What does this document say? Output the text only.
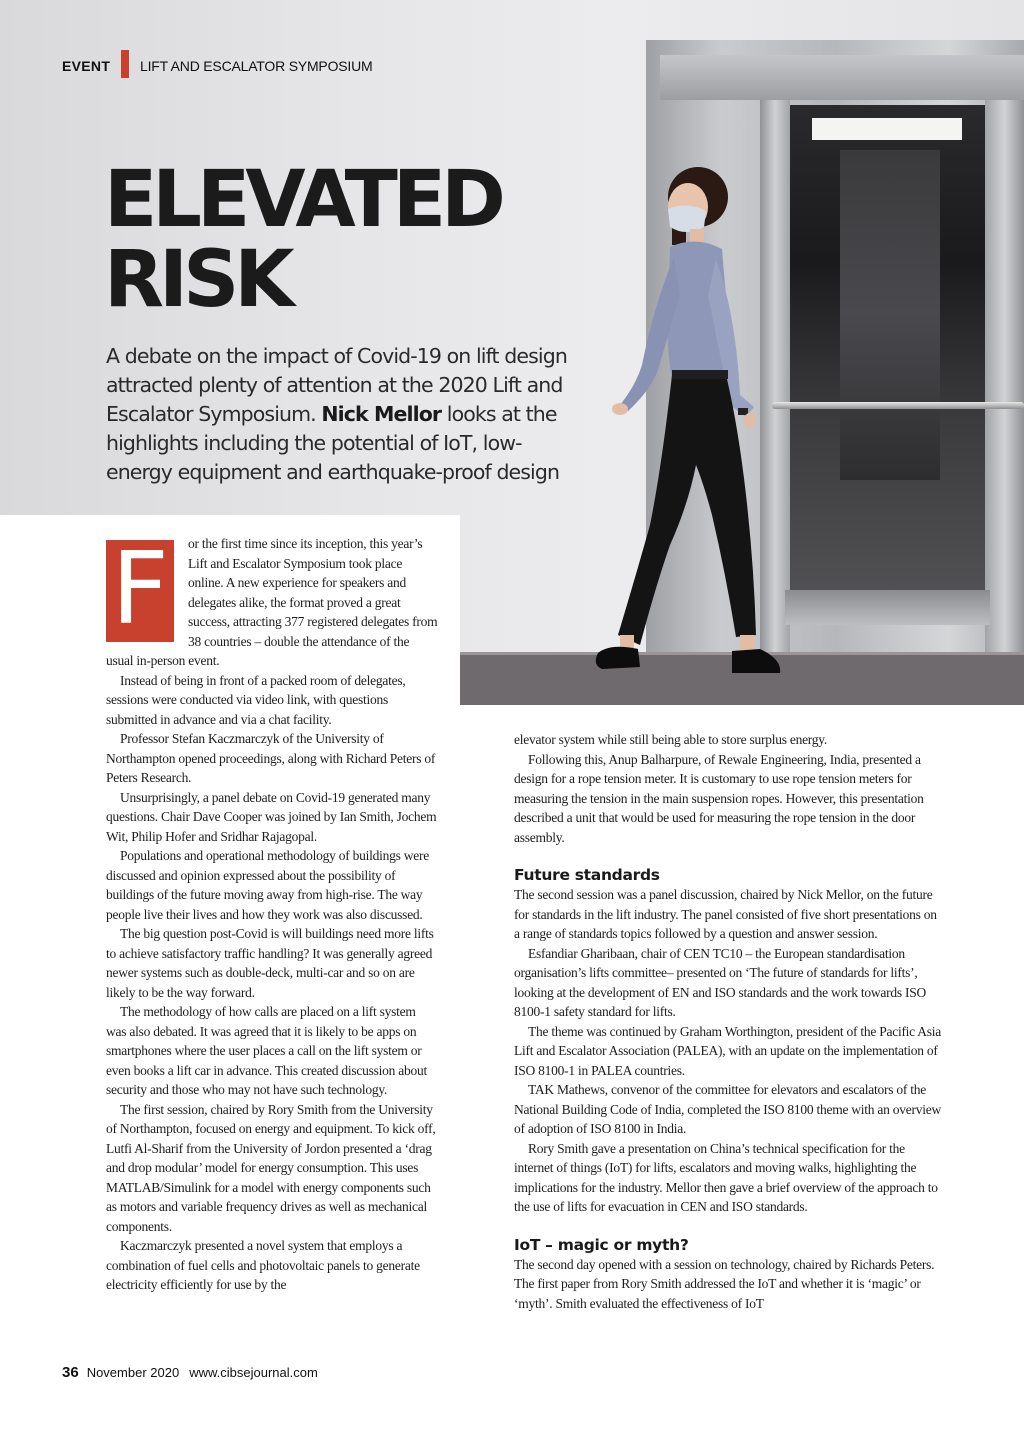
EVENT LIFT AND ESCALATOR SYMPOSIUM
ELEVATED
RISK
A debate on the impact of Covid-19 on lift design attracted plenty of attention at the 2020 Lift and Escalator Symposium. Nick Mellor looks at the highlights including the potential of IoT, low-energy equipment and earthquake-proof design
F	or the first time since its inception, this year’s Lift and Escalator Symposium took place online. A new experience for speakers and delegates alike, the format proved a great success, attracting 377 registered delegates from 38 countries – double the attendance of the usual in-person event.

Instead of being in front of a packed room of delegates, sessions were conducted via video link, with questions submitted in advance and via a chat facility.

Professor Stefan Kaczmarczyk of the University of Northampton opened proceedings, along with Richard Peters of Peters Research.

Unsurprisingly, a panel debate on Covid-19 generated many questions. Chair Dave Cooper was joined by Ian Smith, Jochem Wit, Philip Hofer and Sridhar Rajagopal.

Populations and operational methodology of buildings were discussed and opinion expressed about the possibility of buildings of the future moving away from high-rise. The way people live their lives and how they work was also discussed.

The big question post-Covid is will buildings need more lifts to achieve satisfactory traffic handling? It was generally agreed newer systems such as double-deck, multi-car and so on are likely to be the way forward.

The methodology of how calls are placed on a lift system was also debated. It was agreed that it is likely to be apps on smartphones where the user places a call on the lift system or even books a lift car in advance. This created discussion about security and those who may not have such technology.

The first session, chaired by Rory Smith from the University of Northampton, focused on energy and equipment. To kick off, Lutfi Al-Sharif from the University of Jordon presented a ‘drag and drop modular’ model for energy consumption. This uses MATLAB/Simulink for a model with energy components such as motors and variable frequency drives as well as mechanical components.

Kaczmarczyk presented a novel system that employs a combination of fuel cells and photovoltaic panels to generate electricity efficiently for use by the

elevator system while still being able to store surplus energy.

Following this, Anup Balharpure, of Rewale Engineering, India, presented a design for a rope tension meter. It is customary to use rope tension meters for measuring the tension in the main suspension ropes. However, this presentation described a unit that would be used for measuring the rope tension in the door assembly.

Future standards

The second session was a panel discussion, chaired by Nick Mellor, on the future for standards in the lift industry. The panel consisted of five short presentations on a range of standards topics followed by a question and answer session.

Esfandiar Gharibaan, chair of CEN TC10 – the European standardisation organisation’s lifts committee– presented on ‘The future of standards for lifts’, looking at the development of EN and ISO standards and the work towards ISO 8100-1 safety standard for lifts.

The theme was continued by Graham Worthington, president of the Pacific Asia Lift and Escalator Association (PALEA), with an update on the implementation of ISO 8100-1 in PALEA countries.

TAK Mathews, convenor of the committee for elevators and escalators of the National Building Code of India, completed the ISO 8100 theme with an overview of adoption of ISO 8100 in India.

Rory Smith gave a presentation on China’s technical specification for the internet of things (IoT) for lifts, escalators and moving walks, highlighting the implications for the industry. Mellor then gave a brief overview of the approach to the use of lifts for evacuation in CEN and ISO standards.

IoT – magic or myth?

The second day opened with a session on technology, chaired by Richards Peters. The first paper from Rory Smith addressed the IoT and whether it is ‘magic’ or ‘myth’. Smith evaluated the effectiveness of IoT

36 November 2020 www.cibsejournal.com
